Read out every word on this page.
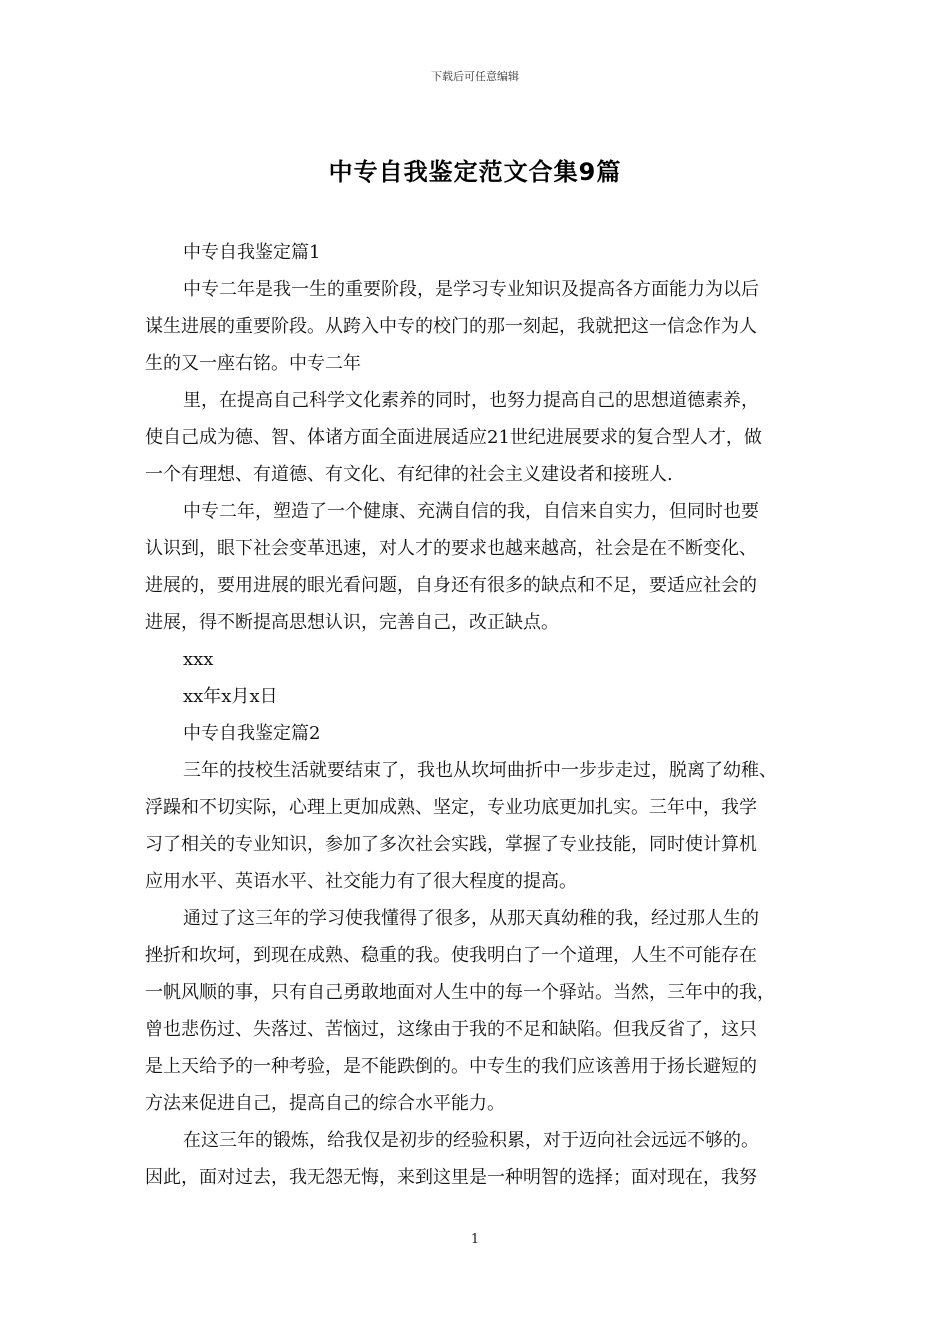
下载后可任意编辑
中专自我鉴定范文合集9篇

中专自我鉴定篇1

中专二年是我一生的重要阶段，是学习专业知识及提高各方面能力为以后
谋生进展的重要阶段。从跨入中专的校门的那一刻起，我就把这一信念作为人
生的又一座右铭。中专二年

里，在提高自己科学文化素养的同时，也努力提高自己的思想道德素养，
使自己成为德、智、体诸方面全面进展适应21世纪进展要求的复合型人才，做
一个有理想、有道德、有文化、有纪律的社会主义建设者和接班人.

中专二年，塑造了一个健康、充满自信的我，自信来自实力，但同时也要
认识到，眼下社会变革迅速，对人才的要求也越来越高，社会是在不断变化、
进展的，要用进展的眼光看问题，自身还有很多的缺点和不足，要适应社会的
进展，得不断提高思想认识，完善自己，改正缺点。

xxx

xx年x月x日

中专自我鉴定篇2

三年的技校生活就要结束了，我也从坎坷曲折中一步步走过，脱离了幼稚、
浮躁和不切实际，心理上更加成熟、坚定，专业功底更加扎实。三年中，我学
习了相关的专业知识，参加了多次社会实践，掌握了专业技能，同时使计算机
应用水平、英语水平、社交能力有了很大程度的提高。

通过了这三年的学习使我懂得了很多，从那天真幼稚的我，经过那人生的
挫折和坎坷，到现在成熟、稳重的我。使我明白了一个道理，人生不可能存在
一帆风顺的事，只有自己勇敢地面对人生中的每一个驿站。当然，三年中的我，
曾也悲伤过、失落过、苦恼过，这缘由于我的不足和缺陷。但我反省了，这只
是上天给予的一种考验，是不能跌倒的。中专生的我们应该善用于扬长避短的
方法来促进自己，提高自己的综合水平能力。

在这三年的锻炼，给我仅是初步的经验积累，对于迈向社会远远不够的。
因此，面对过去，我无怨无悔，来到这里是一种明智的选择；面对现在，我努

1
